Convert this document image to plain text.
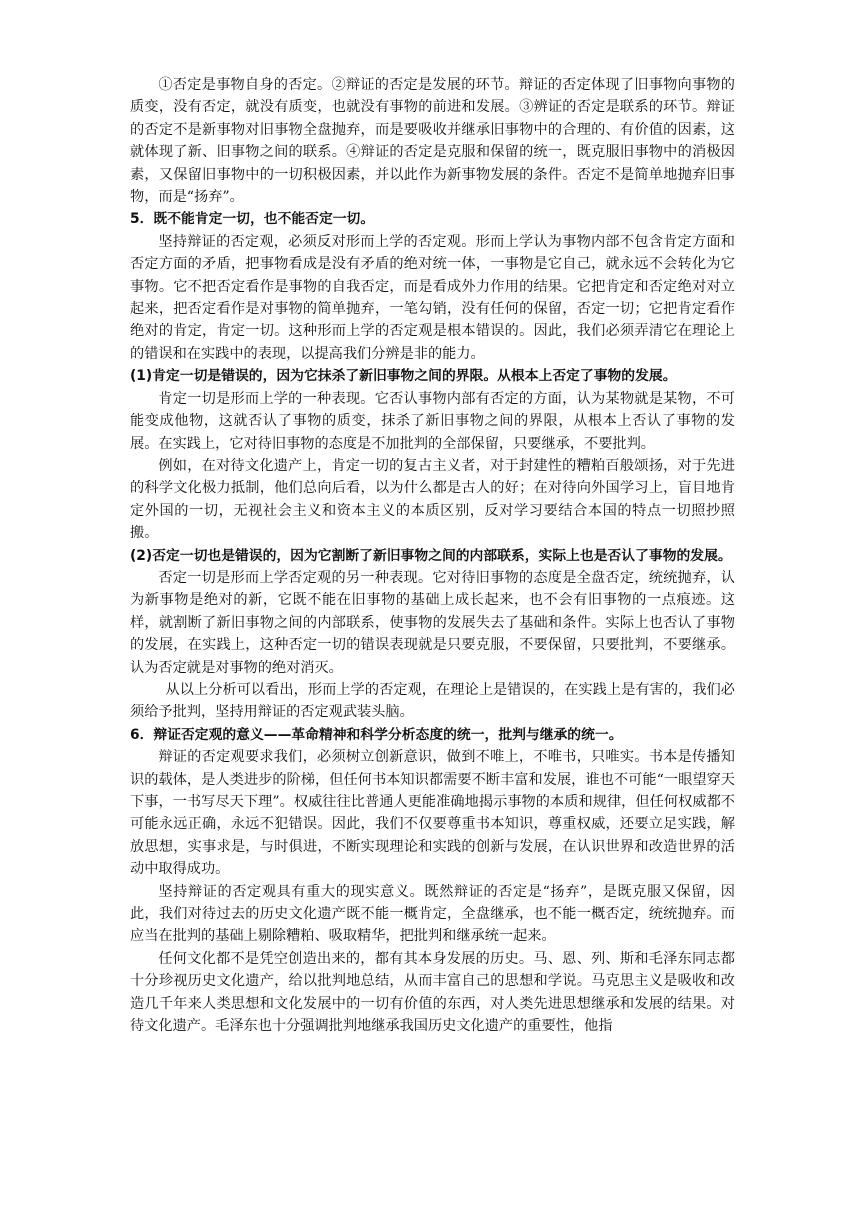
①否定是事物自身的否定。②辩证的否定是发展的环节。辩证的否定体现了旧事物向事物的质变，没有否定，就没有质变，也就没有事物的前进和发展。③辨证的否定是联系的环节。辩证的否定不是新事物对旧事物全盘抛弃，而是要吸收并继承旧事物中的合理的、有价值的因素，这就体现了新、旧事物之间的联系。④辩证的否定是克服和保留的统一，既克服旧事物中的消极因素，又保留旧事物中的一切积极因素，并以此作为新事物发展的条件。否定不是简单地抛弃旧事物，而是“扬弃”。

5．既不能肯定一切，也不能否定一切。

坚持辩证的否定观，必须反对形而上学的否定观。形而上学认为事物内部不包含肯定方面和否定方面的矛盾，把事物看成是没有矛盾的绝对统一体，一事物是它自己，就永远不会转化为它事物。它不把否定看作是事物的自我否定，而是看成外力作用的结果。它把肯定和否定绝对对立起来，把否定看作是对事物的简单抛弃，一笔勾销，没有任何的保留，否定一切；它把肯定看作绝对的肯定，肯定一切。这种形而上学的否定观是根本错误的。因此，我们必须弄清它在理论上的错误和在实践中的表现，以提高我们分辨是非的能力。

(1)肯定一切是错误的，因为它抹杀了新旧事物之间的界限。从根本上否定了事物的发展。

肯定一切是形而上学的一种表现。它否认事物内部有否定的方面，认为某物就是某物，不可能变成他物，这就否认了事物的质变，抹杀了新旧事物之间的界限，从根本上否认了事物的发展。在实践上，它对待旧事物的态度是不加批判的全部保留，只要继承，不要批判。

例如，在对待文化遗产上，肯定一切的复古主义者，对于封建性的糟粕百般颂扬，对于先进的科学文化极力抵制，他们总向后看，以为什么都是古人的好；在对待向外国学习上，盲目地肯定外国的一切，无视社会主义和资本主义的本质区别，反对学习要结合本国的特点一切照抄照搬。

(2)否定一切也是错误的，因为它割断了新旧事物之间的内部联系，实际上也是否认了事物的发展。

否定一切是形而上学否定观的另一种表现。它对待旧事物的态度是全盘否定，统统抛弃，认为新事物是绝对的新，它既不能在旧事物的基础上成长起来，也不会有旧事物的一点痕迹。这样，就割断了新旧事物之间的内部联系，使事物的发展失去了基础和条件。实际上也否认了事物的发展，在实践上，这种否定一切的错误表现就是只要克服，不要保留，只要批判，不要继承。认为否定就是对事物的绝对消灭。

从以上分析可以看出，形而上学的否定观，在理论上是错误的，在实践上是有害的，我们必须给予批判，坚持用辩证的否定观武装头脑。

6．辩证否定观的意义——革命精神和科学分析态度的统一，批判与继承的统一。

辩证的否定观要求我们，必须树立创新意识，做到不唯上，不唯书，只唯实。书本是传播知识的载体，是人类进步的阶梯，但任何书本知识都需要不断丰富和发展，谁也不可能“一眼望穿天下事，一书写尽天下理”。权威往往比普通人更能准确地揭示事物的本质和规律，但任何权威都不可能永远正确，永远不犯错误。因此，我们不仅要尊重书本知识，尊重权威，还要立足实践，解放思想，实事求是，与时俱进，不断实现理论和实践的创新与发展，在认识世界和改造世界的活动中取得成功。

坚持辩证的否定观具有重大的现实意义。既然辩证的否定是“扬弃”，是既克服又保留，因此，我们对待过去的历史文化遗产既不能一概肯定，全盘继承，也不能一概否定，统统抛弃。而应当在批判的基础上剔除糟粕、吸取精华，把批判和继承统一起来。

任何文化都不是凭空创造出来的，都有其本身发展的历史。马、恩、列、斯和毛泽东同志都十分珍视历史文化遗产，给以批判地总结，从而丰富自己的思想和学说。马克思主义是吸收和改造几千年来人类思想和文化发展中的一切有价值的东西，对人类先进思想继承和发展的结果。对待文化遗产。毛泽东也十分强调批判地继承我国历史文化遗产的重要性，他指
